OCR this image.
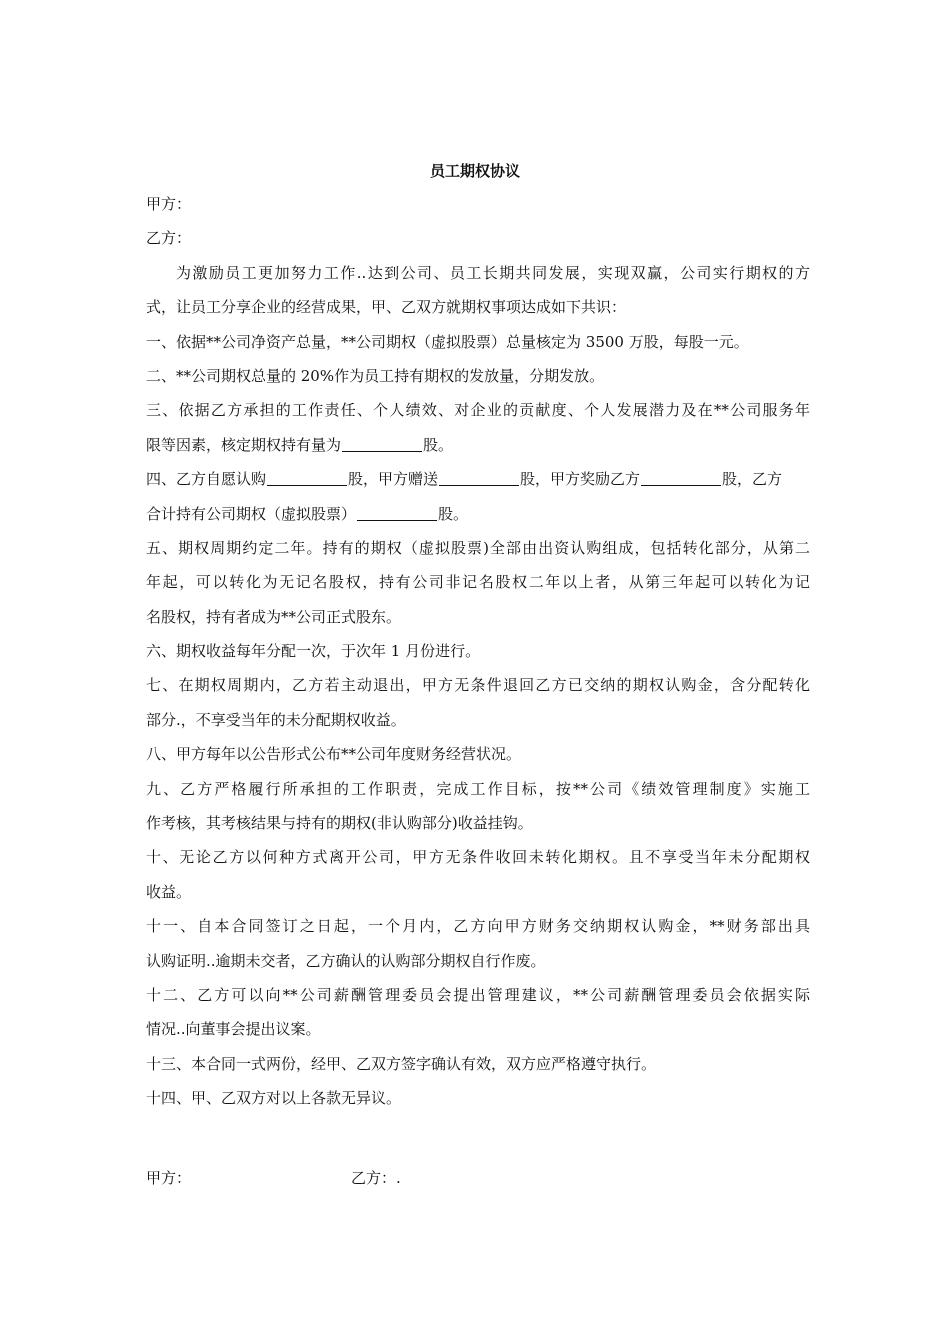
员工期权协议
甲方：
乙方：
为激励员工更加努力工作..达到公司、员工长期共同发展，实现双赢，公司实行期权的方
式，让员工分享企业的经营成果，甲、乙双方就期权事项达成如下共识：
一、依据**公司净资产总量，**公司期权（虚拟股票）总量核定为 3500 万股，每股一元。
二、**公司期权总量的 20%作为员工持有期权的发放量，分期发放。
三、依据乙方承担的工作责任、个人绩效、对企业的贡献度、个人发展潜力及在**公司服务年
限等因素，核定期权持有量为	股。
四、乙方自愿认购	股，甲方赠送	股，甲方奖励乙方	股，乙方
合计持有公司期权（虚拟股票）	股。
五、期权周期约定二年。持有的期权（虚拟股票)全部由出资认购组成，包括转化部分，从第二
年起，可以转化为无记名股权，持有公司非记名股权二年以上者，从第三年起可以转化为记
名股权，持有者成为**公司正式股东。
六、期权收益每年分配一次，于次年 1 月份进行。
七、在期权周期内，乙方若主动退出，甲方无条件退回乙方已交纳的期权认购金，含分配转化
部分.，不享受当年的未分配期权收益。
八、甲方每年以公告形式公布**公司年度财务经营状况。
九、乙方严格履行所承担的工作职责，完成工作目标，按**公司《绩效管理制度》实施工
作考核，其考核结果与持有的期权(非认购部分)收益挂钩。
十、无论乙方以何种方式离开公司，甲方无条件收回未转化期权。且不享受当年未分配期权
收益。
十一、自本合同签订之日起，一个月内，乙方向甲方财务交纳期权认购金，**财务部出具
认购证明..逾期未交者，乙方确认的认购部分期权自行作废。
十二、乙方可以向**公司薪酬管理委员会提出管理建议，**公司薪酬管理委员会依据实际
情况..向董事会提出议案。
十三、本合同一式两份，经甲、乙双方签字确认有效，双方应严格遵守执行。
十四、甲、乙双方对以上各款无异议。
甲方：	乙方：.
